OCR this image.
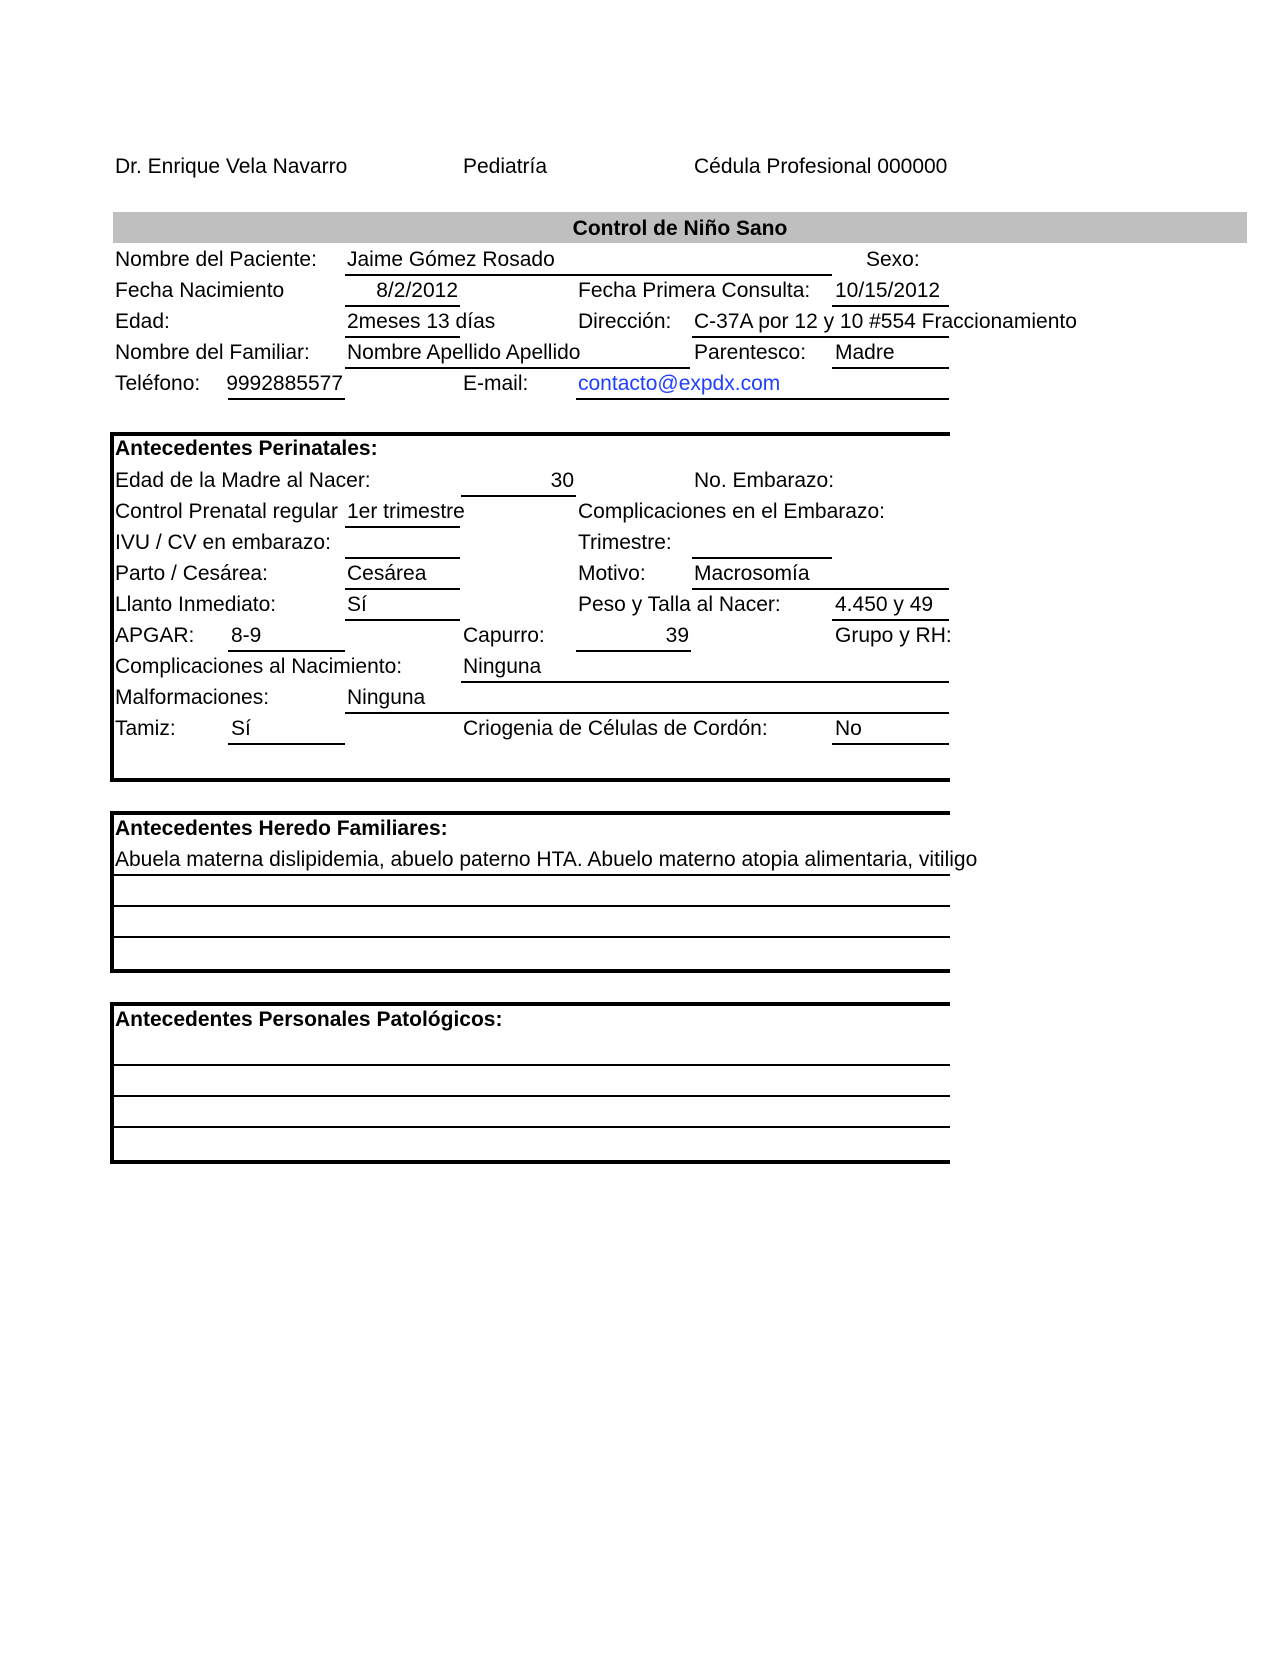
Dr. Enrique Vela Navarro	Pediatría	Cédula Profesional 000000
Control de Niño Sano
Nombre del Paciente: Jaime Gómez Rosado	Sexo:
Fecha Nacimiento	8/2/2012	Fecha Primera Consulta: 10/15/2012
Edad:	2meses 13 días	Dirección: C-37A por 12 y 10 #554 Fraccionamiento
Nombre del Familiar: Nombre Apellido Apellido	Parentesco: Madre
Teléfono: 9992885577	E-mail: contacto@expdx.com
Antecedentes Perinatales:
Edad de la Madre al Nacer:	30	No. Embarazo:
Control Prenatal regular 1er trimestre	Complicaciones en el Embarazo:
IVU / CV en embarazo:	Trimestre:
Parto / Cesárea:	Cesárea	Motivo: Macrosomía
Llanto Inmediato:	Sí	Peso y Talla al Nacer:	4.450 y 49
APGAR: 8-9	Capurro:	39	Grupo y RH:
Complicaciones al Nacimiento:	Ninguna
Malformaciones:	Ninguna
Tamiz:	Sí	Criogenia de Células de Cordón:	No
Antecedentes Heredo Familiares:
Abuela materna dislipidemia, abuelo paterno HTA. Abuelo materno atopia alimentaria, vitiligo
Antecedentes Personales Patológicos:
